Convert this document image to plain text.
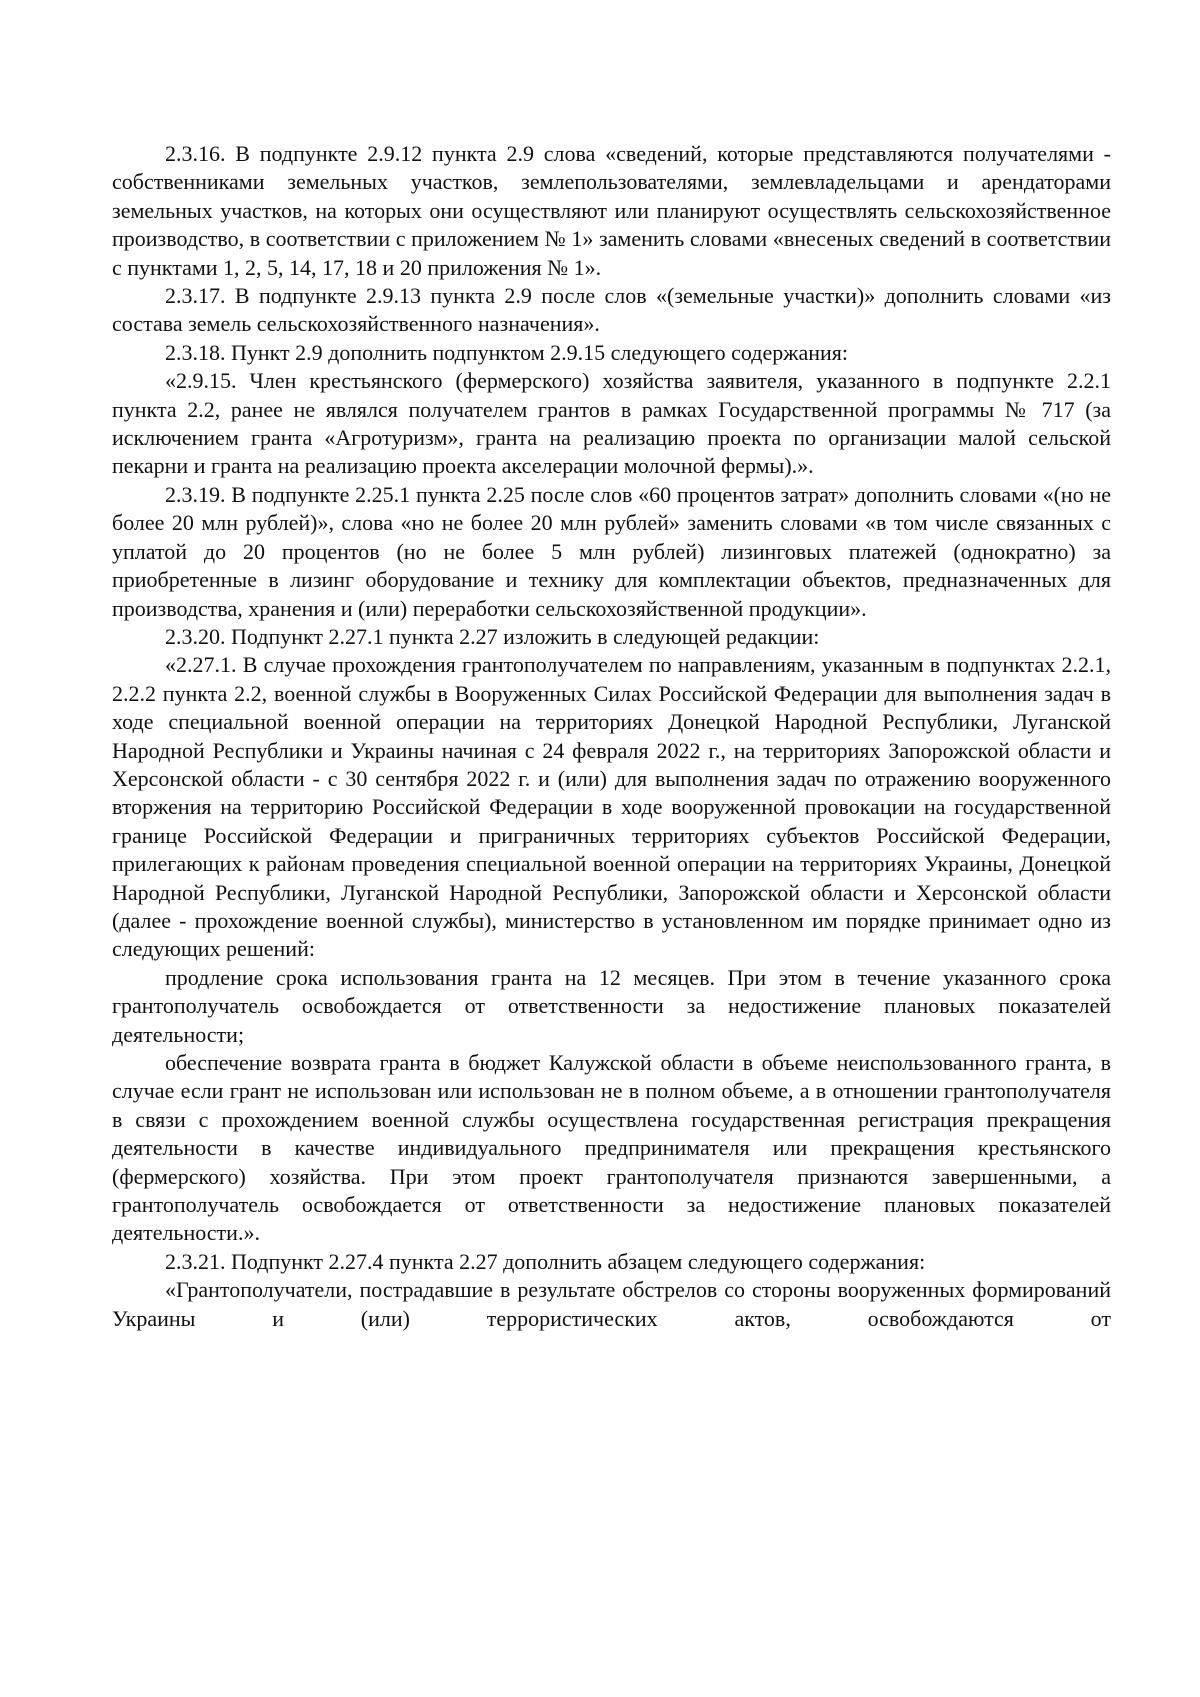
2.3.16. В подпункте 2.9.12 пункта 2.9 слова «сведений, которые представляются получателями - собственниками земельных участков, землепользователями, землевладельцами и арендаторами земельных участков, на которых они осуществляют или планируют осуществлять сельскохозяйственное производство, в соответствии с приложением № 1» заменить словами «внесеных сведений в соответствии с пунктами 1, 2, 5, 14, 17, 18 и 20 приложения № 1».

2.3.17. В подпункте 2.9.13 пункта 2.9 после слов «(земельные участки)» дополнить словами «из состава земель сельскохозяйственного назначения».

2.3.18. Пункт 2.9 дополнить подпунктом 2.9.15 следующего содержания:

«2.9.15. Член крестьянского (фермерского) хозяйства заявителя, указанного в подпункте 2.2.1 пункта 2.2, ранее не являлся получателем грантов в рамках Государственной программы № 717 (за исключением гранта «Агротуризм», гранта на реализацию проекта по организации малой сельской пекарни и гранта на реализацию проекта акселерации молочной фермы).».

2.3.19. В подпункте 2.25.1 пункта 2.25 после слов «60 процентов затрат» дополнить словами «(но не более 20 млн рублей)», слова «но не более 20 млн рублей» заменить словами «в том числе связанных с уплатой до 20 процентов (но не более 5 млн рублей) лизинговых платежей (однократно) за приобретенные в лизинг оборудование и технику для комплектации объектов, предназначенных для производства, хранения и (или) переработки сельскохозяйственной продукции».

2.3.20. Подпункт 2.27.1 пункта 2.27 изложить в следующей редакции:

«2.27.1. В случае прохождения грантополучателем по направлениям, указанным в подпунктах 2.2.1, 2.2.2 пункта 2.2, военной службы в Вооруженных Силах Российской Федерации для выполнения задач в ходе специальной военной операции на территориях Донецкой Народной Республики, Луганской Народной Республики и Украины начиная с 24 февраля 2022 г., на территориях Запорожской области и Херсонской области - с 30 сентября 2022 г. и (или) для выполнения задач по отражению вооруженного вторжения на территорию Российской Федерации в ходе вооруженной провокации на государственной границе Российской Федерации и приграничных территориях субъектов Российской Федерации, прилегающих к районам проведения специальной военной операции на территориях Украины, Донецкой Народной Республики, Луганской Народной Республики, Запорожской области и Херсонской области (далее - прохождение военной службы), министерство в установленном им порядке принимает одно из следующих решений:

продление срока использования гранта на 12 месяцев. При этом в течение указанного срока грантополучатель освобождается от ответственности за недостижение плановых показателей деятельности;

обеспечение возврата гранта в бюджет Калужской области в объеме неиспользованного гранта, в случае если грант не использован или использован не в полном объеме, а в отношении грантополучателя в связи с прохождением военной службы осуществлена государственная регистрация прекращения деятельности в качестве индивидуального предпринимателя или прекращения крестьянского (фермерского) хозяйства. При этом проект грантополучателя признаются завершенными, а грантополучатель освобождается от ответственности за недостижение плановых показателей деятельности.».

2.3.21. Подпункт 2.27.4 пункта 2.27 дополнить абзацем следующего содержания:

«Грантополучатели, пострадавшие в результате обстрелов со стороны вооруженных формирований Украины и (или) террористических актов, освобождаются от
